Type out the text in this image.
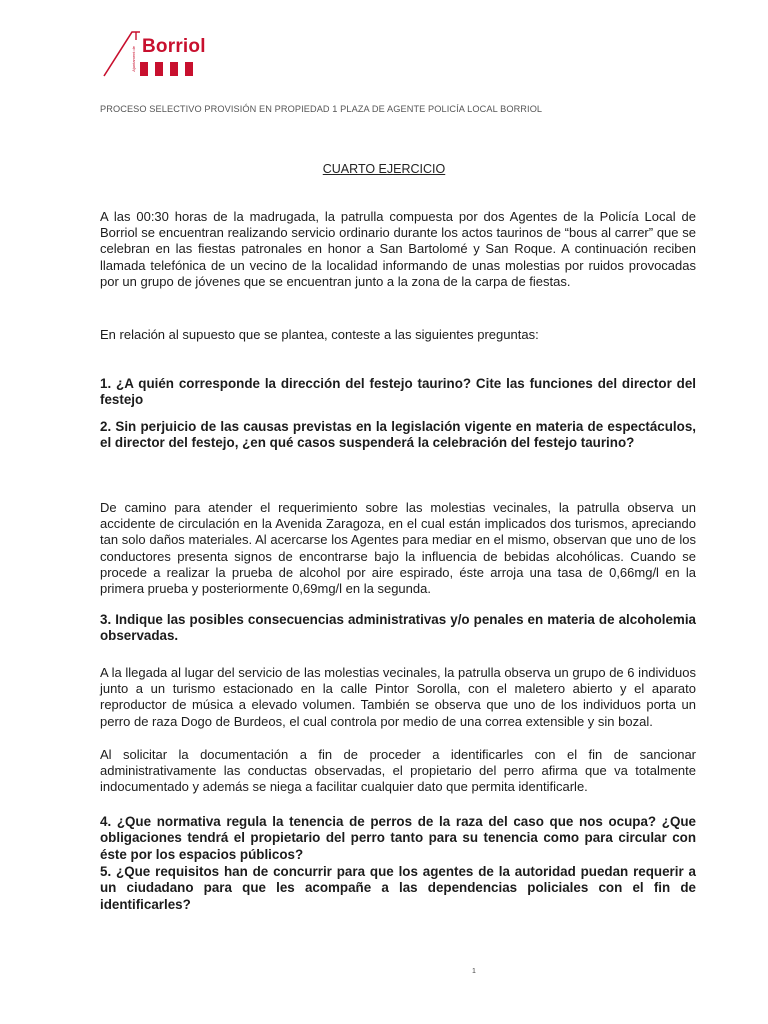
Ajuntament de Borriol
PROCESO SELECTIVO PROVISIÓN EN PROPIEDAD 1 PLAZA DE AGENTE POLICÍA LOCAL BORRIOL
CUARTO EJERCICIO

A las 00:30 horas de la madrugada, la patrulla compuesta por dos Agentes de la Policía Local de Borriol se encuentran realizando servicio ordinario durante los actos taurinos de “bous al carrer” que se celebran en las fiestas patronales en honor a San Bartolomé y San Roque. A continuación reciben llamada telefónica de un vecino de la localidad informando de unas molestias por ruidos provocadas por un grupo de jóvenes que se encuentran junto a la zona de la carpa de fiestas.

En relación al supuesto que se plantea, conteste a las siguientes preguntas:

1. ¿A quién corresponde la dirección del festejo taurino? Cite las funciones del director del festejo

2. Sin perjuicio de las causas previstas en la legislación vigente en materia de espectáculos, el director del festejo, ¿en qué casos suspenderá la celebración del festejo taurino?

De camino para atender el requerimiento sobre las molestias vecinales, la patrulla observa un accidente de circulación en la Avenida Zaragoza, en el cual están implicados dos turismos, apreciando tan solo daños materiales. Al acercarse los Agentes para mediar en el mismo, observan que uno de los conductores presenta signos de encontrarse bajo la influencia de bebidas alcohólicas. Cuando se procede a realizar la prueba de alcohol por aire espirado, éste arroja una tasa de 0,66mg/l en la primera prueba y posteriormente 0,69mg/l en la segunda.

3. Indique las posibles consecuencias administrativas y/o penales en materia de alcoholemia observadas.

A la llegada al lugar del servicio de las molestias vecinales, la patrulla observa un grupo de 6 individuos junto a un turismo estacionado en la calle Pintor Sorolla, con el maletero abierto y el aparato reproductor de música a elevado volumen. También se observa que uno de los individuos porta un perro de raza Dogo de Burdeos, el cual controla por medio de una correa extensible y sin bozal.

Al solicitar la documentación a fin de proceder a identificarles con el fin de sancionar administrativamente las conductas observadas, el propietario del perro afirma que va totalmente indocumentado y además se niega a facilitar cualquier dato que permita identificarle.

4. ¿Que normativa regula la tenencia de perros de la raza del caso que nos ocupa? ¿Que obligaciones tendrá el propietario del perro tanto para su tenencia como para circular con éste por los espacios públicos?

5. ¿Que requisitos han de concurrir para que los agentes de la autoridad puedan requerir a un ciudadano para que les acompañe a las dependencias policiales con el fin de identificarles?

1
